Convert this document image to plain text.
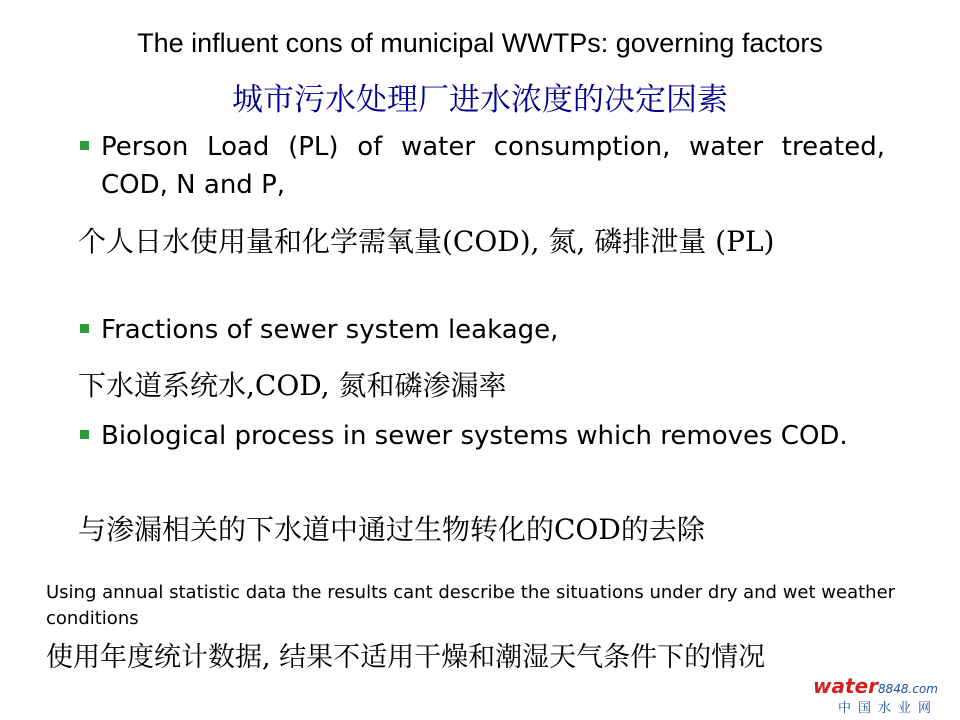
The influent cons of municipal WWTPs: governing factors
城市污水处理厂进水浓度的决定因素
Person Load (PL) of water consumption, water treated, COD, N and P,
个人日水使用量和化学需氧量(COD), 氮, 磷排泄量 (PL)
Fractions of sewer system leakage,
下水道系统水,COD, 氮和磷渗漏率
Biological process in sewer systems which removes COD.
与渗漏相关的下水道中通过生物转化的COD的去除
Using annual statistic data the results cant describe the situations under dry and wet weather conditions
使用年度统计数据, 结果不适用干燥和潮湿天气条件下的情况
water8848.com
中国水业网
